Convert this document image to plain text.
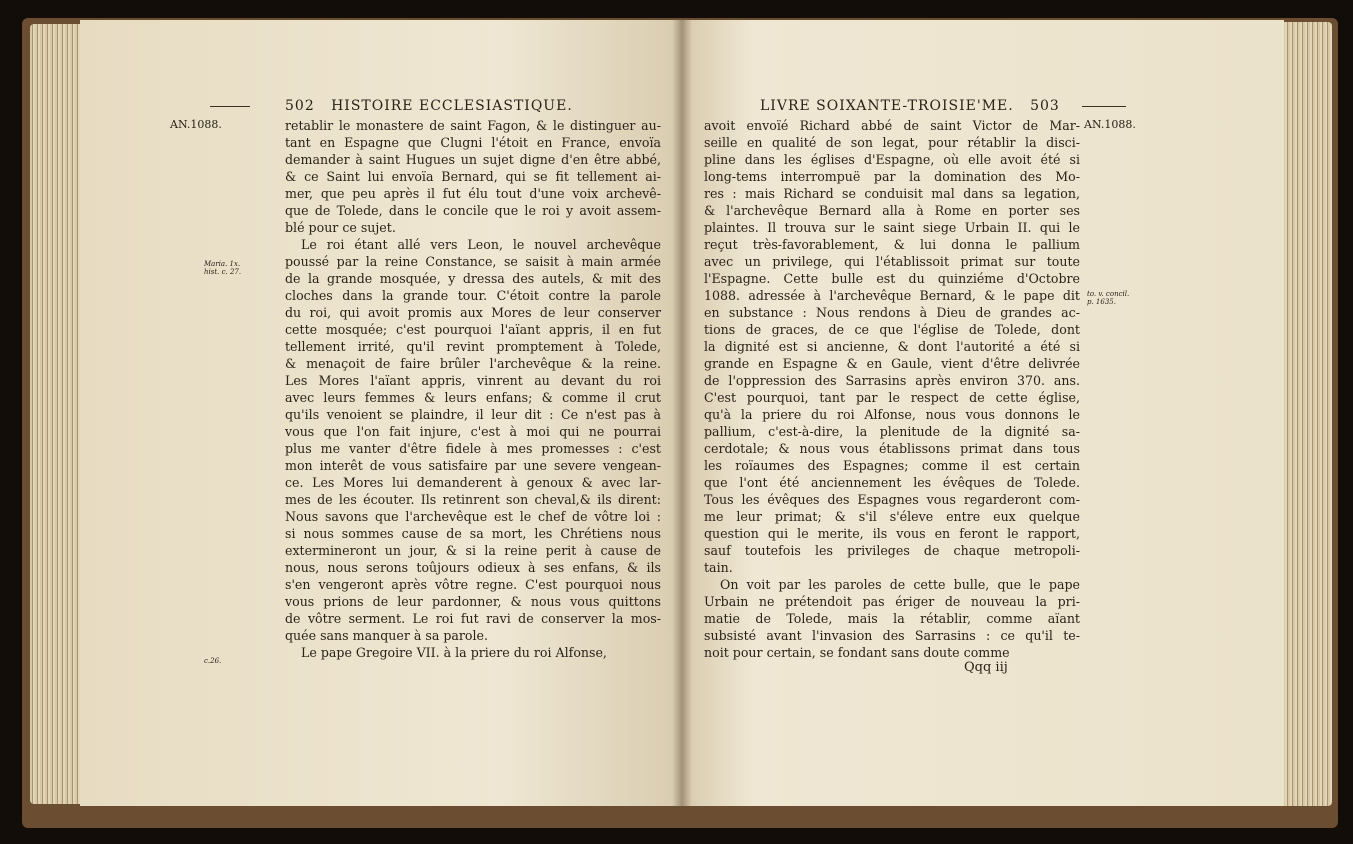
502 HISTOIRE ECCLESIASTIQUE.
AN.1088.
Maria. 1x. hist. c. 27.
c.26.
retablir le monastere de saint Fagon, & le distinguer au-
tant en Espagne que Clugni l'étoit en France, envoïa
demander à saint Hugues un sujet digne d'en être abbé,
& ce Saint lui envoïa Bernard, qui se fit tellement ai-
mer, que peu après il fut élu tout d'une voix archevê-
que de Tolede, dans le concile que le roi y avoit assem-
blé pour ce sujet.
Le roi étant allé vers Leon, le nouvel archevêque
poussé par la reine Constance, se saisit à main armée
de la grande mosquée, y dressa des autels, & mit des
cloches dans la grande tour. C'étoit contre la parole
du roi, qui avoit promis aux Mores de leur conserver
cette mosquée; c'est pourquoi l'aïant appris, il en fut
tellement irrité, qu'il revint promptement à Tolede,
& menaçoit de faire brûler l'archevêque & la reine.
Les Mores l'aïant appris, vinrent au devant du roi
avec leurs femmes & leurs enfans; & comme il crut
qu'ils venoient se plaindre, il leur dit : Ce n'est pas à
vous que l'on fait injure, c'est à moi qui ne pourrai
plus me vanter d'être fidele à mes promesses : c'est
mon interêt de vous satisfaire par une severe vengean-
ce. Les Mores lui demanderent à genoux & avec lar-
mes de les écouter. Ils retinrent son cheval,& ils dirent:
Nous savons que l'archevêque est le chef de vôtre loi :
si nous sommes cause de sa mort, les Chrétiens nous
extermineront un jour, & si la reine perit à cause de
nous, nous serons toûjours odieux à ses enfans, & ils
s'en vengeront après vôtre regne. C'est pourquoi nous
vous prions de leur pardonner, & nous vous quittons
de vôtre serment. Le roi fut ravi de conserver la mos-
quée sans manquer à sa parole.
Le pape Gregoire VII. à la priere du roi Alfonse,
LIVRE SOIXANTE-TROISIE'ME. 503
AN.1088.
to. v. concil. p. 1635.
avoit envoïé Richard abbé de saint Victor de Mar-
seille en qualité de son legat, pour rétablir la disci-
pline dans les églises d'Espagne, où elle avoit été si
long-tems interrompuë par la domination des Mo-
res : mais Richard se conduisit mal dans sa legation,
& l'archevêque Bernard alla à Rome en porter ses
plaintes. Il trouva sur le saint siege Urbain II. qui le
reçut très-favorablement, & lui donna le pallium
avec un privilege, qui l'établissoit primat sur toute
l'Espagne. Cette bulle est du quinziéme d'Octobre
1088. adressée à l'archevêque Bernard, & le pape dit
en substance : Nous rendons à Dieu de grandes ac-
tions de graces, de ce que l'église de Tolede, dont
la dignité est si ancienne, & dont l'autorité a été si
grande en Espagne & en Gaule, vient d'être delivrée
de l'oppression des Sarrasins après environ 370. ans.
C'est pourquoi, tant par le respect de cette église,
qu'à la priere du roi Alfonse, nous vous donnons le
pallium, c'est-à-dire, la plenitude de la dignité sa-
cerdotale; & nous vous établissons primat dans tous
les roïaumes des Espagnes; comme il est certain
que l'ont été anciennement les évêques de Tolede.
Tous les évêques des Espagnes vous regarderont com-
me leur primat; & s'il s'éleve entre eux quelque
question qui le merite, ils vous en feront le rapport,
sauf toutefois les privileges de chaque metropoli-
tain.
On voit par les paroles de cette bulle, que le pape
Urbain ne prétendoit pas ériger de nouveau la pri-
matie de Tolede, mais la rétablir, comme aïant
subsisté avant l'invasion des Sarrasins : ce qu'il te-
noit pour certain, se fondant sans doute comme
Qqq iij
